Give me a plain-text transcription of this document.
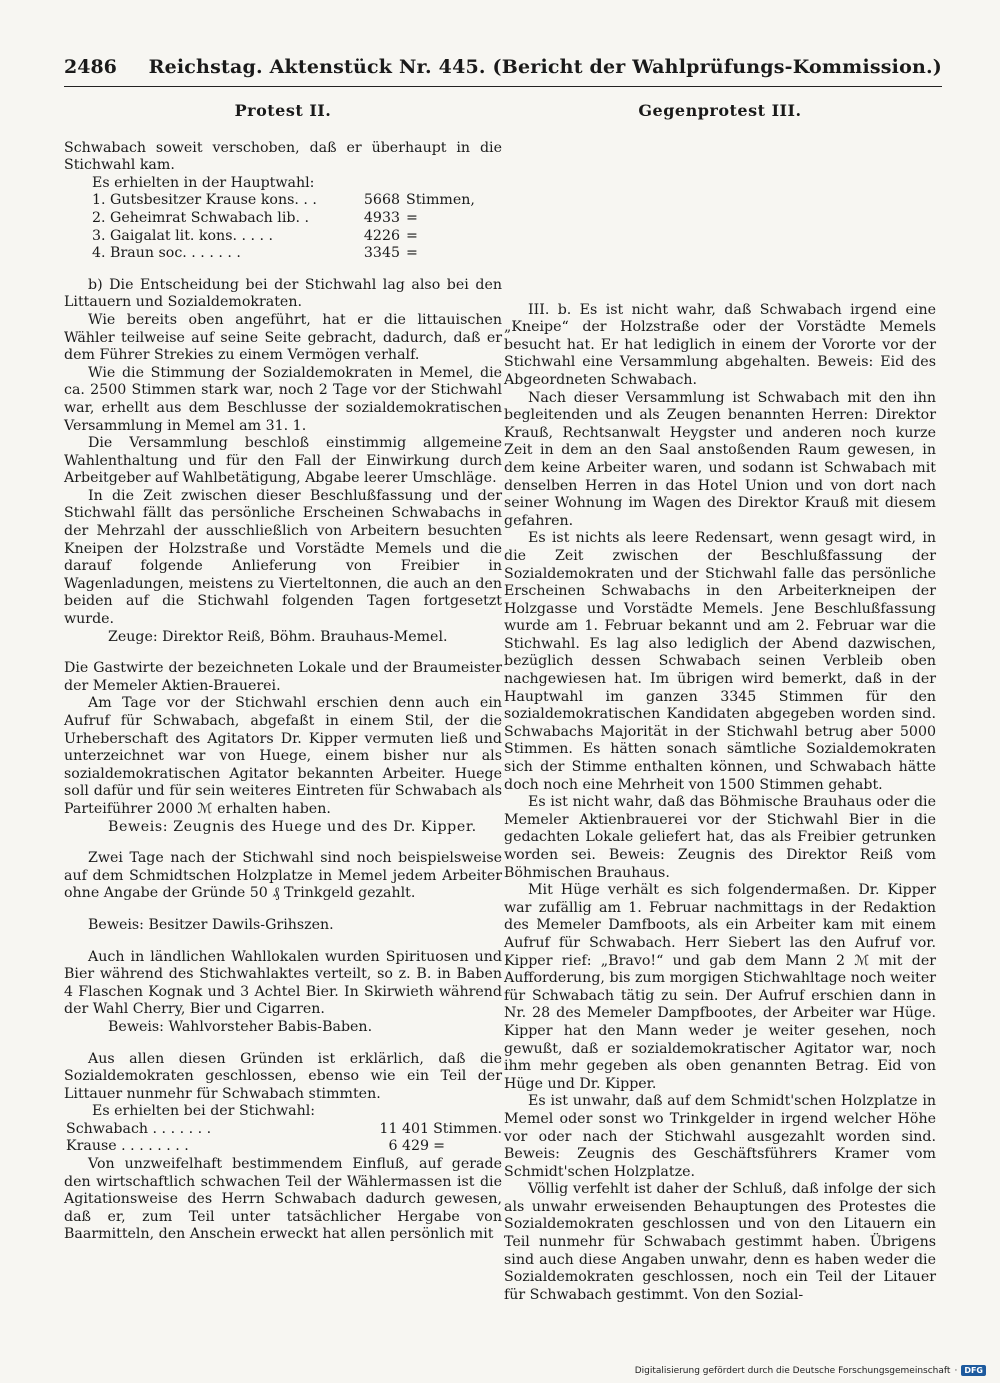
2486 Reichstag. Aktenstück Nr. 445. (Bericht der Wahlprüfungs-Kommission.)
Protest II.

Schwabach soweit verschoben, daß er überhaupt in die Stichwahl kam.

Es erhielten in der Hauptwahl:
1. Gutsbesitzer Krause kons. . .	5668	Stimmen,
2. Geheimrat Schwabach lib. .	4933	=
3. Gaigalat lit. kons. . . . .	4226	=
4. Braun soc. . . . . . .	3345	=

b) Die Entscheidung bei der Stichwahl lag also bei den Littauern und Sozialdemokraten.

Wie bereits oben angeführt, hat er die littauischen Wähler teilweise auf seine Seite gebracht, dadurch, daß er dem Führer Strekies zu einem Vermögen verhalf.

Wie die Stimmung der Sozialdemokraten in Memel, die ca. 2500 Stimmen stark war, noch 2 Tage vor der Stichwahl war, erhellt aus dem Beschlusse der sozialdemokratischen Versammlung in Memel am 31. 1.

Die Versammlung beschloß einstimmig allgemeine Wahlenthaltung und für den Fall der Einwirkung durch Arbeitgeber auf Wahlbetätigung, Abgabe leerer Umschläge.

In die Zeit zwischen dieser Beschlußfassung und der Stichwahl fällt das persönliche Erscheinen Schwabachs in der Mehrzahl der ausschließlich von Arbeitern besuchten Kneipen der Holzstraße und Vorstädte Memels und die darauf folgende Anlieferung von Freibier in Wagenladungen, meistens zu Vierteltonnen, die auch an den beiden auf die Stichwahl folgenden Tagen fortgesetzt wurde.

Zeuge: Direktor Reiß, Böhm. Brauhaus-Memel.

Die Gastwirte der bezeichneten Lokale und der Braumeister der Memeler Aktien-Brauerei.

Am Tage vor der Stichwahl erschien denn auch ein Aufruf für Schwabach, abgefaßt in einem Stil, der die Urheberschaft des Agitators Dr. Kipper vermuten ließ und unterzeichnet war von Huege, einem bisher nur als sozialdemokratischen Agitator bekannten Arbeiter. Huege soll dafür und für sein weiteres Eintreten für Schwabach als Parteiführer 2000 ℳ erhalten haben.

Beweis: Zeugnis des Huege und des Dr. Kipper.

Zwei Tage nach der Stichwahl sind noch beispielsweise auf dem Schmidtschen Holzplatze in Memel jedem Arbeiter ohne Angabe der Gründe 50 ₰ Trinkgeld gezahlt.

Beweis: Besitzer Dawils-Grihszen.

Auch in ländlichen Wahllokalen wurden Spirituosen und Bier während des Stichwahlaktes verteilt, so z. B. in Baben 4 Flaschen Kognak und 3 Achtel Bier. In Skirwieth während der Wahl Cherry, Bier und Cigarren.

Beweis: Wahlvorsteher Babis-Baben.

Aus allen diesen Gründen ist erklärlich, daß die Sozialdemokraten geschlossen, ebenso wie ein Teil der Littauer nunmehr für Schwabach stimmten.

Es erhielten bei der Stichwahl:
Schwabach . . . . . . .	11 401	Stimmen.
Krause . . . . . . . .	6 429	=

Von unzweifelhaft bestimmendem Einfluß, auf gerade den wirtschaftlich schwachen Teil der Wählermassen ist die Agitationsweise des Herrn Schwabach dadurch gewesen, daß er, zum Teil unter tatsächlicher Hergabe von Baarmitteln, den Anschein erweckt hat allen persönlich mit

Gegenprotest III.

III. b. Es ist nicht wahr, daß Schwabach irgend eine „Kneipe“ der Holzstraße oder der Vorstädte Memels besucht hat. Er hat lediglich in einem der Vororte vor der Stichwahl eine Versammlung abgehalten. Beweis: Eid des Abgeordneten Schwabach.

Nach dieser Versammlung ist Schwabach mit den ihn begleitenden und als Zeugen benannten Herren: Direktor Krauß, Rechtsanwalt Heygster und anderen noch kurze Zeit in dem an den Saal anstoßenden Raum gewesen, in dem keine Arbeiter waren, und sodann ist Schwabach mit denselben Herren in das Hotel Union und von dort nach seiner Wohnung im Wagen des Direktor Krauß mit diesem gefahren.

Es ist nichts als leere Redensart, wenn gesagt wird, in die Zeit zwischen der Beschlußfassung der Sozialdemokraten und der Stichwahl falle das persönliche Erscheinen Schwabachs in den Arbeiterkneipen der Holzgasse und Vorstädte Memels. Jene Beschlußfassung wurde am 1. Februar bekannt und am 2. Februar war die Stichwahl. Es lag also lediglich der Abend dazwischen, bezüglich dessen Schwabach seinen Verbleib oben nachgewiesen hat. Im übrigen wird bemerkt, daß in der Hauptwahl im ganzen 3345 Stimmen für den sozialdemokratischen Kandidaten abgegeben worden sind. Schwabachs Majorität in der Stichwahl betrug aber 5000 Stimmen. Es hätten sonach sämtliche Sozialdemokraten sich der Stimme enthalten können, und Schwabach hätte doch noch eine Mehrheit von 1500 Stimmen gehabt.

Es ist nicht wahr, daß das Böhmische Brauhaus oder die Memeler Aktienbrauerei vor der Stichwahl Bier in die gedachten Lokale geliefert hat, das als Freibier getrunken worden sei. Beweis: Zeugnis des Direktor Reiß vom Böhmischen Brauhaus.

Mit Hüge verhält es sich folgendermaßen. Dr. Kipper war zufällig am 1. Februar nachmittags in der Redaktion des Memeler Damfboots, als ein Arbeiter kam mit einem Aufruf für Schwabach. Herr Siebert las den Aufruf vor. Kipper rief: „Bravo!“ und gab dem Mann 2 ℳ mit der Aufforderung, bis zum morgigen Stichwahltage noch weiter für Schwabach tätig zu sein. Der Aufruf erschien dann in Nr. 28 des Memeler Dampfbootes, der Arbeiter war Hüge. Kipper hat den Mann weder je weiter gesehen, noch gewußt, daß er sozialdemokratischer Agitator war, noch ihm mehr gegeben als oben genannten Betrag. Eid von Hüge und Dr. Kipper.

Es ist unwahr, daß auf dem Schmidt'schen Holzplatze in Memel oder sonst wo Trinkgelder in irgend welcher Höhe vor oder nach der Stichwahl ausgezahlt worden sind. Beweis: Zeugnis des Geschäftsführers Kramer vom Schmidt'schen Holzplatze.

Völlig verfehlt ist daher der Schluß, daß infolge der sich als unwahr erweisenden Behauptungen des Protestes die Sozialdemokraten geschlossen und von den Litauern ein Teil nunmehr für Schwabach gestimmt haben. Übrigens sind auch diese Angaben unwahr, denn es haben weder die Sozialdemokraten geschlossen, noch ein Teil der Litauer für Schwabach gestimmt. Von den Sozial-

Digitalisierung gefördert durch die Deutsche Forschungsgemeinschaft · DFG
